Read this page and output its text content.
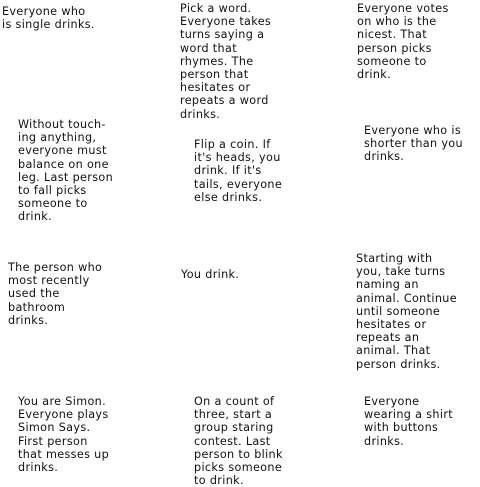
Everyone who
is single drinks.
Pick a word.
Everyone takes
turns saying a
word that
rhymes. The
person that
hesitates or
repeats a word
drinks.
Everyone votes
on who is the
nicest. That
person picks
someone to
drink.
Without touch-
ing anything,
everyone must
balance on one
leg. Last person
to fall picks
someone to
drink.
Flip a coin. If
it's heads, you
drink. If it's
tails, everyone
else drinks.
Everyone who is
shorter than you
drinks.
The person who
most recently
used the
bathroom
drinks.
You drink.
Starting with
you, take turns
naming an
animal. Continue
until someone
hesitates or
repeats an
animal. That
person drinks.
You are Simon.
Everyone plays
Simon Says.
First person
that messes up
drinks.
On a count of
three, start a
group staring
contest. Last
person to blink
picks someone
to drink.
Everyone
wearing a shirt
with buttons
drinks.
